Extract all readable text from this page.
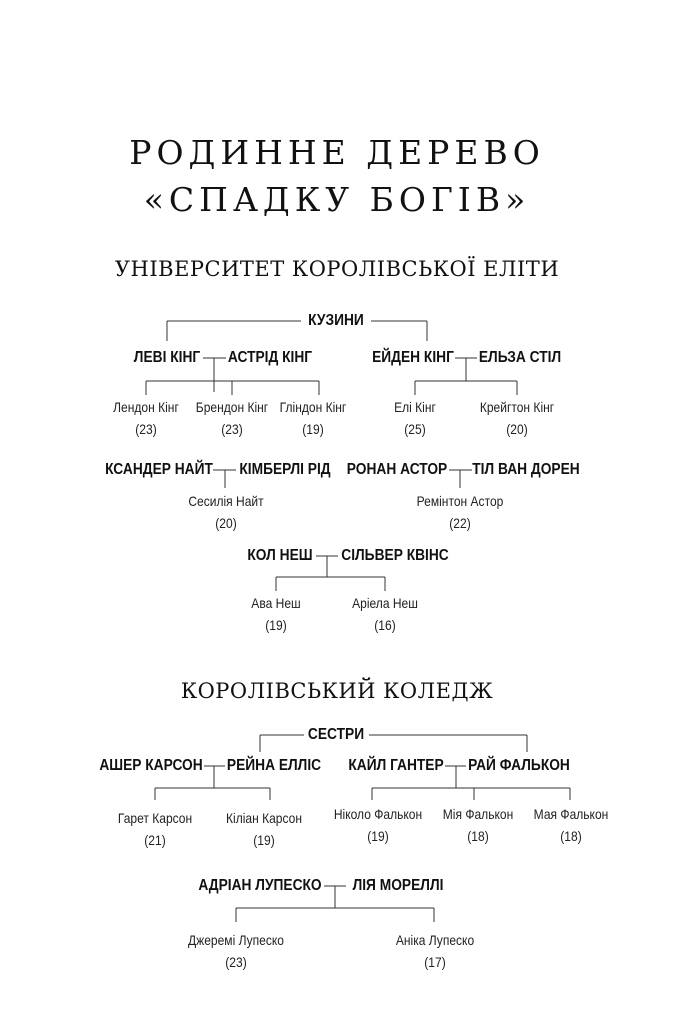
РОДИННЕ ДЕРЕВО
«СПАДКУ БОГІВ»
УНІВЕРСИТЕТ КОРОЛІВСЬКОЇ ЕЛІТИ
КУЗИНИ
ЛЕВІ КІНГ АСТРІД КІНГ
Лендон Кінг
(23)
Брендон Кінг
(23)
Гліндон Кінг
(19)
ЕЙДЕН КІНГ ЕЛЬЗА СТІЛ
Елі Кінг
(25)
Крейгтон Кінг
(20)
КСАНДЕР НАЙТ КІМБЕРЛІ РІД
Сесилія Найт
(20)
РОНАН АСТОР ТІЛ ВАН ДОРЕН
Ремінтон Астор
(22)
КОЛ НЕШ СІЛЬВЕР КВІНС
Ава Неш
(19)
Аріела Неш
(16)
КОРОЛІВСЬКИЙ КОЛЕДЖ
СЕСТРИ
АШЕР КАРСОН РЕЙНА ЕЛЛІС
Гарет Карсон
(21)
Кіліан Карсон
(19)
КАЙЛ ГАНТЕР РАЙ ФАЛЬКОН
Ніколо Фалькон
(19)
Мія Фалькон
(18)
Мая Фалькон
(18)
АДРІАН ЛУПЕСКО ЛІЯ МОРЕЛЛІ
Джеремі Лупеско
(23)
Аніка Лупеско
(17)
